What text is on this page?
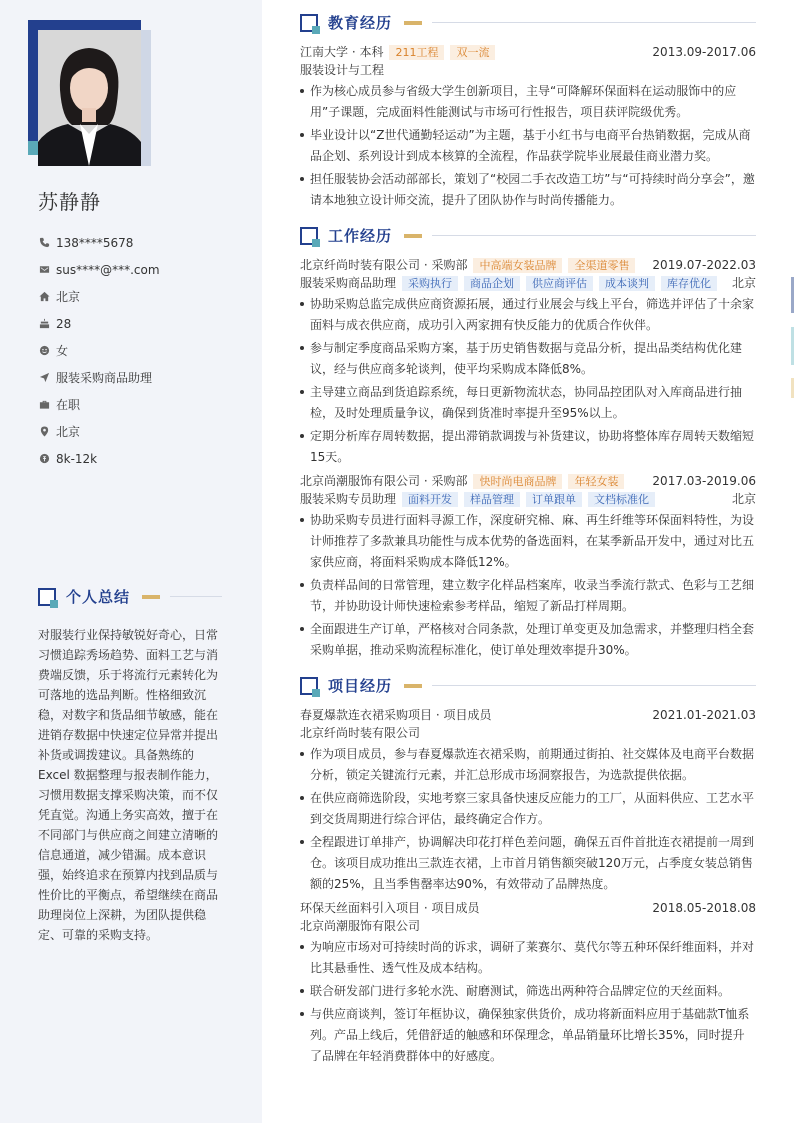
苏静静
138****5678
sus****@***.com
北京
28
女
服装采购商品助理
在职
北京
8k-12k
个人总结
对服装行业保持敏锐好奇心，日常习惯追踪秀场趋势、面料工艺与消费端反馈，乐于将流行元素转化为可落地的选品判断。性格细致沉稳，对数字和货品细节敏感，能在进销存数据中快速定位异常并提出补货或调拨建议。具备熟练的Excel 数据整理与报表制作能力，习惯用数据支撑采购决策，而不仅凭直觉。沟通上务实高效，擅于在不同部门与供应商之间建立清晰的信息通道，减少错漏。成本意识强，始终追求在预算内找到品质与性价比的平衡点，希望继续在商品助理岗位上深耕，为团队提供稳定、可靠的采购支持。
教育经历
江南大学 · 本科	211工程	双一流	2013.09-2017.06
服装设计与工程
作为核心成员参与省级大学生创新项目，主导“可降解环保面料在运动服饰中的应用”子课题，完成面料性能测试与市场可行性报告，项目获评院级优秀。
毕业设计以“Z世代通勤轻运动”为主题，基于小红书与电商平台热销数据，完成从商品企划、系列设计到成本核算的全流程，作品获学院毕业展最佳商业潜力奖。
担任服装协会活动部部长，策划了“校园二手衣改造工坊”与“可持续时尚分享会”，邀请本地独立设计师交流，提升了团队协作与时尚传播能力。
工作经历
北京纤尚时装有限公司 · 采购部	中高端女装品牌	全渠道零售	2019.07-2022.03
服装采购商品助理	采购执行	商品企划	供应商评估	成本谈判	库存优化	北京
协助采购总监完成供应商资源拓展，通过行业展会与线上平台，筛选并评估了十余家面料与成衣供应商，成功引入两家拥有快反能力的优质合作伙伴。
参与制定季度商品采购方案，基于历史销售数据与竞品分析，提出品类结构优化建议，经与供应商多轮谈判，使平均采购成本降低8%。
主导建立商品到货追踪系统，每日更新物流状态，协同品控团队对入库商品进行抽检，及时处理质量争议，确保到货准时率提升至95%以上。
定期分析库存周转数据，提出滞销款调拨与补货建议，协助将整体库存周转天数缩短15天。
北京尚潮服饰有限公司 · 采购部	快时尚电商品牌	年轻女装	2017.03-2019.06
服装采购专员助理	面料开发	样品管理	订单跟单	文档标准化	北京
协助采购专员进行面料寻源工作，深度研究棉、麻、再生纤维等环保面料特性，为设计师推荐了多款兼具功能性与成本优势的备选面料，在某季新品开发中，通过对比五家供应商，将面料采购成本降低12%。
负责样品间的日常管理，建立数字化样品档案库，收录当季流行款式、色彩与工艺细节，并协助设计师快速检索参考样品，缩短了新品打样周期。
全面跟进生产订单，严格核对合同条款，处理订单变更及加急需求，并整理归档全套采购单据，推动采购流程标准化，使订单处理效率提升30%。
项目经历
春夏爆款连衣裙采购项目 · 项目成员	2021.01-2021.03
北京纤尚时装有限公司
作为项目成员，参与春夏爆款连衣裙采购，前期通过街拍、社交媒体及电商平台数据分析，锁定关键流行元素，并汇总形成市场洞察报告，为选款提供依据。
在供应商筛选阶段，实地考察三家具备快速反应能力的工厂，从面料供应、工艺水平到交货周期进行综合评估，最终确定合作方。
全程跟进订单排产，协调解决印花打样色差问题，确保五百件首批连衣裙提前一周到仓。该项目成功推出三款连衣裙，上市首月销售额突破120万元，占季度女装总销售额的25%，且当季售罄率达90%，有效带动了品牌热度。
环保天丝面料引入项目 · 项目成员	2018.05-2018.08
北京尚潮服饰有限公司
为响应市场对可持续时尚的诉求，调研了莱赛尔、莫代尔等五种环保纤维面料，并对比其悬垂性、透气性及成本结构。
联合研发部门进行多轮水洗、耐磨测试，筛选出两种符合品牌定位的天丝面料。
与供应商谈判，签订年框协议，确保独家供货价，成功将新面料应用于基础款T恤系列。产品上线后，凭借舒适的触感和环保理念，单品销量环比增长35%，同时提升了品牌在年轻消费群体中的好感度。
